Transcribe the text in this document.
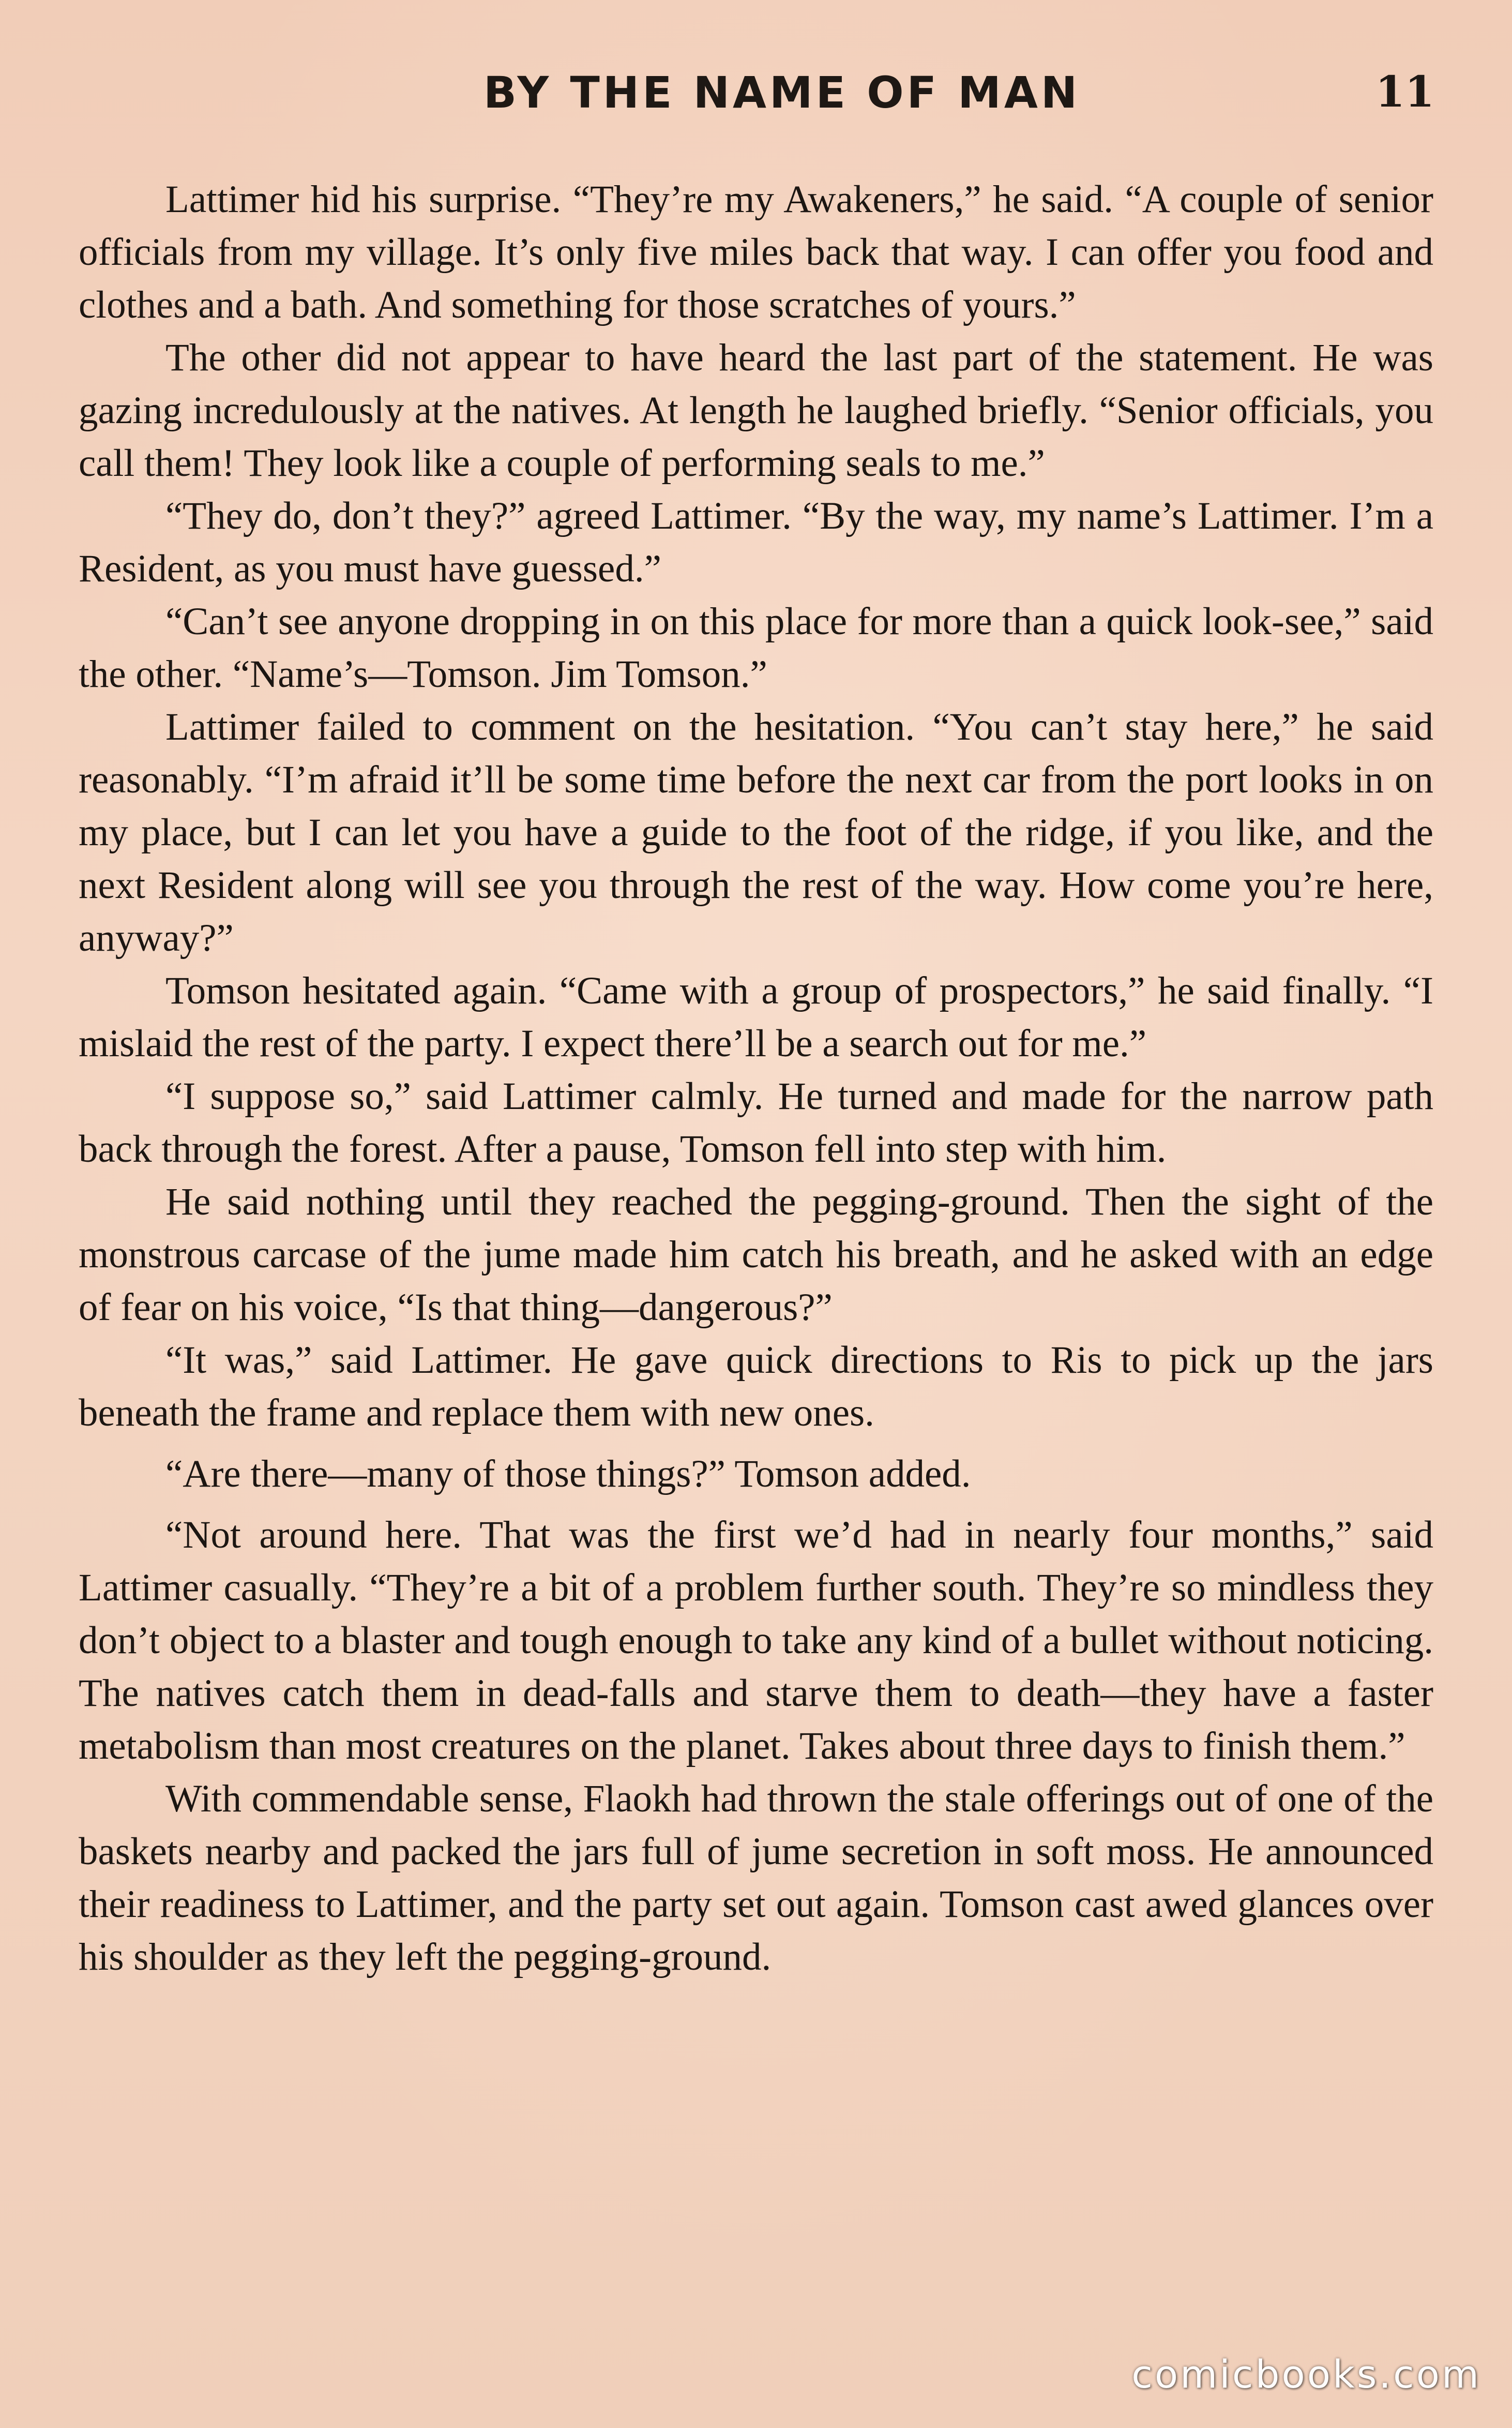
BY THE NAME OF MAN	11

Lattimer hid his surprise. “They’re my Awakeners,” he said. “A couple of senior officials from my village. It’s only five miles back that way. I can offer you food and clothes and a bath. And something for those scratches of yours.”

The other did not appear to have heard the last part of the statement. He was gazing incredulously at the natives. At length he laughed briefly. “Senior officials, you call them! They look like a couple of performing seals to me.”

“They do, don’t they?” agreed Lattimer. “By the way, my name’s Lattimer. I’m a Resident, as you must have guessed.”

“Can’t see anyone dropping in on this place for more than a quick look-see,” said the other. “Name’s—Tomson. Jim Tomson.”

Lattimer failed to comment on the hesitation. “You can’t stay here,” he said reasonably. “I’m afraid it’ll be some time before the next car from the port looks in on my place, but I can let you have a guide to the foot of the ridge, if you like, and the next Resident along will see you through the rest of the way. How come you’re here, anyway?”

Tomson hesitated again. “Came with a group of prospectors,” he said finally. “I mislaid the rest of the party. I expect there’ll be a search out for me.”

“I suppose so,” said Lattimer calmly. He turned and made for the narrow path back through the forest. After a pause, Tomson fell into step with him.

He said nothing until they reached the pegging-ground. Then the sight of the monstrous carcase of the jume made him catch his breath, and he asked with an edge of fear on his voice, “Is that thing—dangerous?”

“It was,” said Lattimer. He gave quick directions to Ris to pick up the jars beneath the frame and replace them with new ones.

“Are there—many of those things?” Tomson added.

“Not around here. That was the first we’d had in nearly four months,” said Lattimer casually. “They’re a bit of a problem further south. They’re so mindless they don’t object to a blaster and tough enough to take any kind of a bullet without noticing. The natives catch them in dead-falls and starve them to death—they have a faster metabolism than most creatures on the planet. Takes about three days to finish them.”

With commendable sense, Flaokh had thrown the stale offerings out of one of the baskets nearby and packed the jars full of jume secretion in soft moss. He announced their readiness to Lattimer, and the party set out again. Tomson cast awed glances over his shoulder as they left the pegging-ground.

comicbooks.com
